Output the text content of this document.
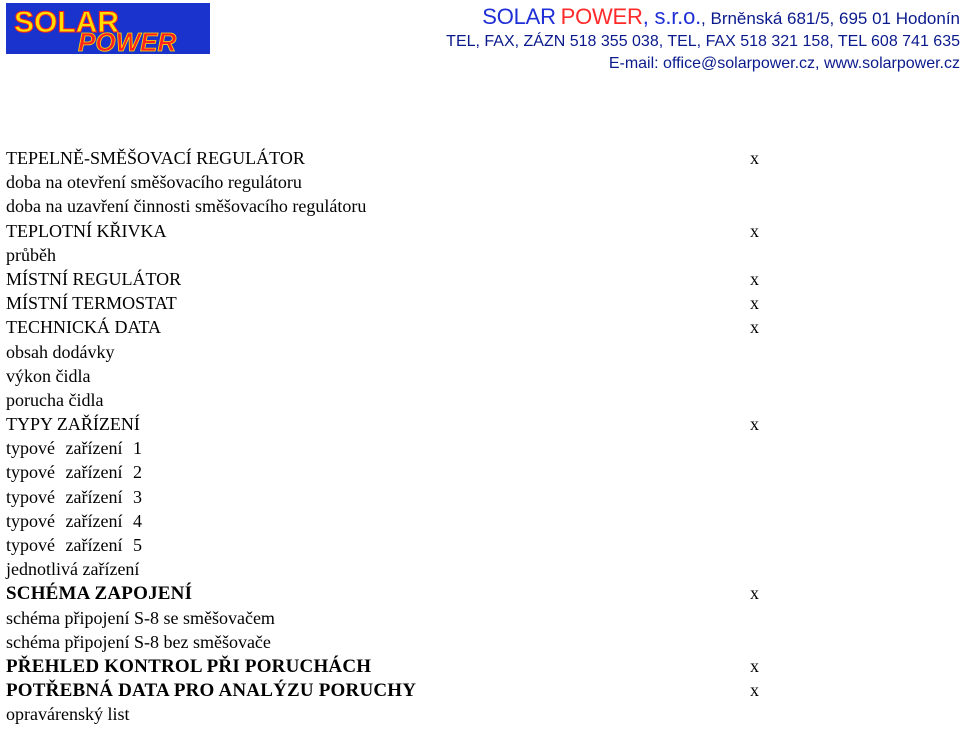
SOLAR
POWER
SOLAR POWER, s.r.o., Brněnská 681/5, 695 01 Hodonín
TEL, FAX, ZÁZN 518 355 038, TEL, FAX 518 321 158, TEL 608 741 635
E-mail: office@solarpower.cz, www.solarpower.cz
TEPELNĚ-SMĚŠOVACÍ REGULÁTOR	x
doba na otevření směšovacího regulátoru
doba na uzavření činnosti směšovacího regulátoru
TEPLOTNÍ KŘIVKA	x
průběh
MÍSTNÍ REGULÁTOR	x
MÍSTNÍ TERMOSTAT	x
TECHNICKÁ DATA	x
obsah dodávky
výkon čidla
porucha čidla
TYPY ZAŘÍZENÍ	x
typové zařízení 1
typové zařízení 2
typové zařízení 3
typové zařízení 4
typové zařízení 5
jednotlivá zařízení
SCHÉMA ZAPOJENÍ	x
schéma připojení S-8 se směšovačem
schéma připojení S-8 bez směšovače
PŘEHLED KONTROL PŘI PORUCHÁCH	x
POTŘEBNÁ DATA PRO ANALÝZU PORUCHY	x
opravárenský list
